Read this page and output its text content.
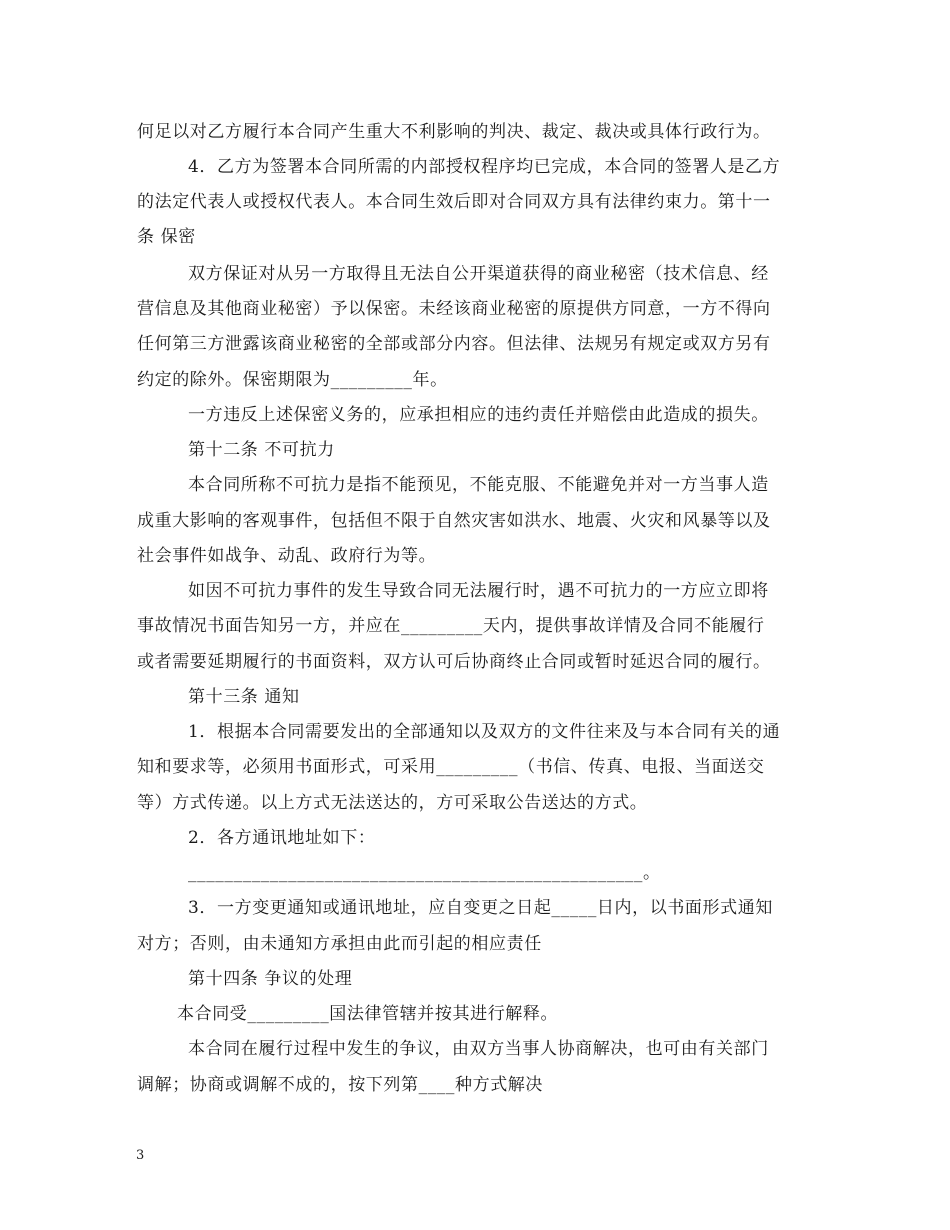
何足以对乙方履行本合同产生重大不利影响的判决、裁定、裁决或具体行政行为。
4．乙方为签署本合同所需的内部授权程序均已完成，本合同的签署人是乙方
的法定代表人或授权代表人。本合同生效后即对合同双方具有法律约束力。第十一
条 保密
双方保证对从另一方取得且无法自公开渠道获得的商业秘密（技术信息、经
营信息及其他商业秘密）予以保密。未经该商业秘密的原提供方同意，一方不得向
任何第三方泄露该商业秘密的全部或部分内容。但法律、法规另有规定或双方另有
约定的除外。保密期限为_________年。
一方违反上述保密义务的，应承担相应的违约责任并赔偿由此造成的损失。
第十二条 不可抗力
本合同所称不可抗力是指不能预见，不能克服、不能避免并对一方当事人造
成重大影响的客观事件，包括但不限于自然灾害如洪水、地震、火灾和风暴等以及
社会事件如战争、动乱、政府行为等。
如因不可抗力事件的发生导致合同无法履行时，遇不可抗力的一方应立即将
事故情况书面告知另一方，并应在_________天内，提供事故详情及合同不能履行
或者需要延期履行的书面资料，双方认可后协商终止合同或暂时延迟合同的履行。
第十三条 通知
1．根据本合同需要发出的全部通知以及双方的文件往来及与本合同有关的通
知和要求等，必须用书面形式，可采用_________（书信、传真、电报、当面送交
等）方式传递。以上方式无法送达的，方可采取公告送达的方式。
2．各方通讯地址如下：
__________________________________________________。
3．一方变更通知或通讯地址，应自变更之日起_____日内，以书面形式通知
对方；否则，由未通知方承担由此而引起的相应责任
第十四条 争议的处理
本合同受_________国法律管辖并按其进行解释。
本合同在履行过程中发生的争议，由双方当事人协商解决，也可由有关部门
调解；协商或调解不成的，按下列第____种方式解决
3
